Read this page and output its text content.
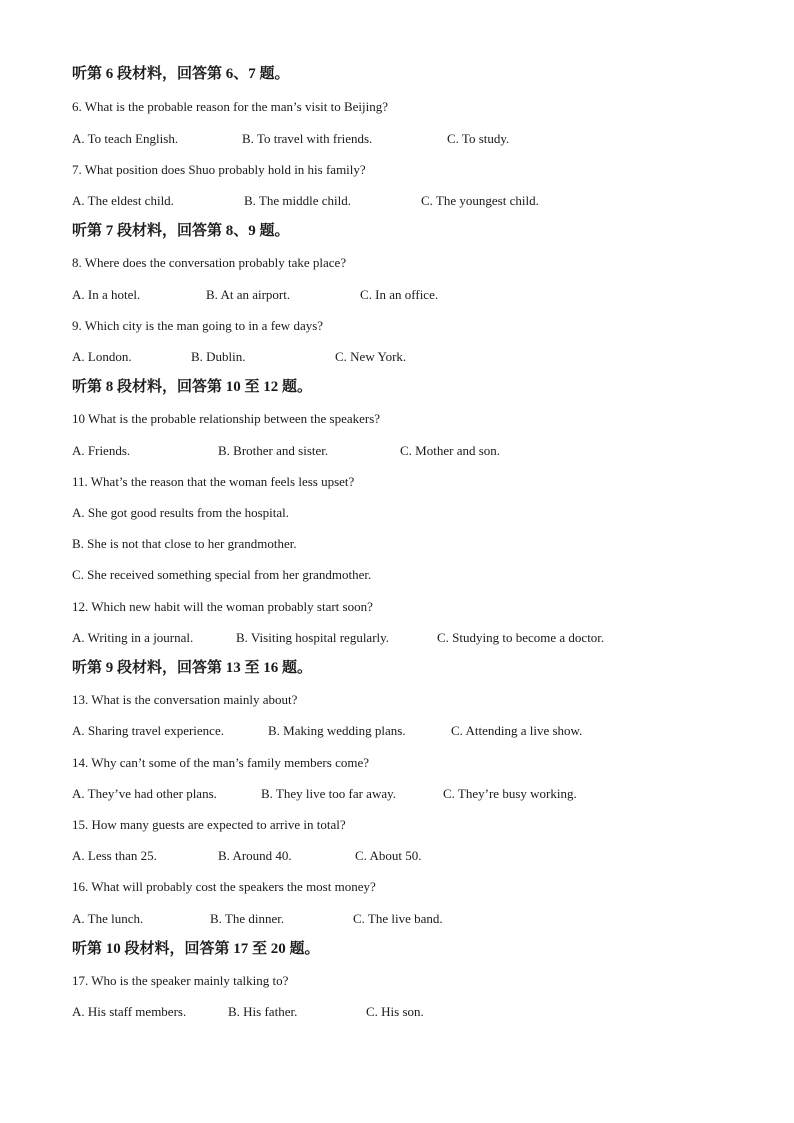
听第 6 段材料，回答第 6、7 题。
6. What is the probable reason for the man’s visit to Beijing?
A. To teach English.	B. To travel with friends.	C. To study.
7. What position does Shuo probably hold in his family?
A. The eldest child.	B. The middle child.	C. The youngest child.
听第 7 段材料，回答第 8、9 题。
8. Where does the conversation probably take place?
A. In a hotel.	B. At an airport.	C. In an office.
9. Which city is the man going to in a few days?
A. London.	B. Dublin.	C. New York.
听第 8 段材料，回答第 10 至 12 题。
10 What is the probable relationship between the speakers?
A. Friends.	B. Brother and sister.	C. Mother and son.
11. What’s the reason that the woman feels less upset?
A. She got good results from the hospital.
B. She is not that close to her grandmother.
C. She received something special from her grandmother.
12. Which new habit will the woman probably start soon?
A. Writing in a journal.	B. Visiting hospital regularly.	C. Studying to become a doctor.
听第 9 段材料，回答第 13 至 16 题。
13. What is the conversation mainly about?
A. Sharing travel experience.	B. Making wedding plans.	C. Attending a live show.
14. Why can’t some of the man’s family members come?
A. They’ve had other plans.	B. They live too far away.	C. They’re busy working.
15. How many guests are expected to arrive in total?
A. Less than 25.	B. Around 40.	C. About 50.
16. What will probably cost the speakers the most money?
A. The lunch.	B. The dinner.	C. The live band.
听第 10 段材料，回答第 17 至 20 题。
17. Who is the speaker mainly talking to?
A. His staff members.	B. His father.	C. His son.
